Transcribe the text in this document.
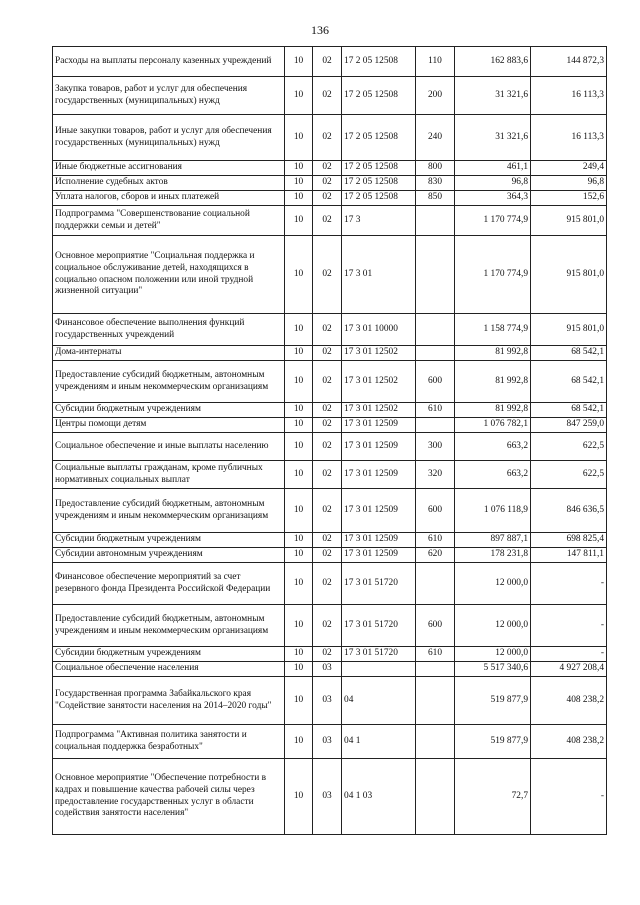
136
Расходы на выплаты персоналу казенных учреждений	10	02	17 2 05 12508	110	162 883,6	144 872,3
Закупка товаров, работ и услуг для обеспечения государственных (муниципальных) нужд	10	02	17 2 05 12508	200	31 321,6	16 113,3
Иные закупки товаров, работ и услуг для обеспечения государственных (муниципальных) нужд	10	02	17 2 05 12508	240	31 321,6	16 113,3
Иные бюджетные ассигнования	10	02	17 2 05 12508	800	461,1	249,4
Исполнение судебных актов	10	02	17 2 05 12508	830	96,8	96,8
Уплата налогов, сборов и иных платежей	10	02	17 2 05 12508	850	364,3	152,6
Подпрограмма "Совершенствование социальной поддержки семьи и детей"	10	02	17 3		1 170 774,9	915 801,0
Основное мероприятие "Социальная поддержка и социальное обслуживание детей, находящихся в социально опасном положении или иной трудной жизненной ситуации"	10	02	17 3 01		1 170 774,9	915 801,0
Финансовое обеспечение выполнения функций государственных учреждений	10	02	17 3 01 10000		1 158 774,9	915 801,0
Дома-интернаты	10	02	17 3 01 12502		81 992,8	68 542,1
Предоставление субсидий бюджетным, автономным учреждениям и иным некоммерческим организациям	10	02	17 3 01 12502	600	81 992,8	68 542,1
Субсидии бюджетным учреждениям	10	02	17 3 01 12502	610	81 992,8	68 542,1
Центры помощи детям	10	02	17 3 01 12509		1 076 782,1	847 259,0
Социальное обеспечение и иные выплаты населению	10	02	17 3 01 12509	300	663,2	622,5
Социальные выплаты гражданам, кроме публичных нормативных социальных выплат	10	02	17 3 01 12509	320	663,2	622,5
Предоставление субсидий бюджетным, автономным учреждениям и иным некоммерческим организациям	10	02	17 3 01 12509	600	1 076 118,9	846 636,5
Субсидии бюджетным учреждениям	10	02	17 3 01 12509	610	897 887,1	698 825,4
Субсидии автономным учреждениям	10	02	17 3 01 12509	620	178 231,8	147 811,1
Финансовое обеспечение мероприятий за счет резервного фонда Президента Российской Федерации	10	02	17 3 01 51720		12 000,0	-
Предоставление субсидий бюджетным, автономным учреждениям и иным некоммерческим организациям	10	02	17 3 01 51720	600	12 000,0	-
Субсидии бюджетным учреждениям	10	02	17 3 01 51720	610	12 000,0	-
Социальное обеспечение населения	10	03			5 517 340,6	4 927 208,4
Государственная программа Забайкальского края "Содействие занятости населения на 2014–2020 годы"	10	03	04		519 877,9	408 238,2
Подпрограмма "Активная политика занятости и социальная поддержка безработных"	10	03	04 1		519 877,9	408 238,2
Основное мероприятие "Обеспечение потребности в кадрах и повышение качества рабочей силы через предоставление государственных услуг в области содействия занятости населения"	10	03	04 1 03		72,7	-
